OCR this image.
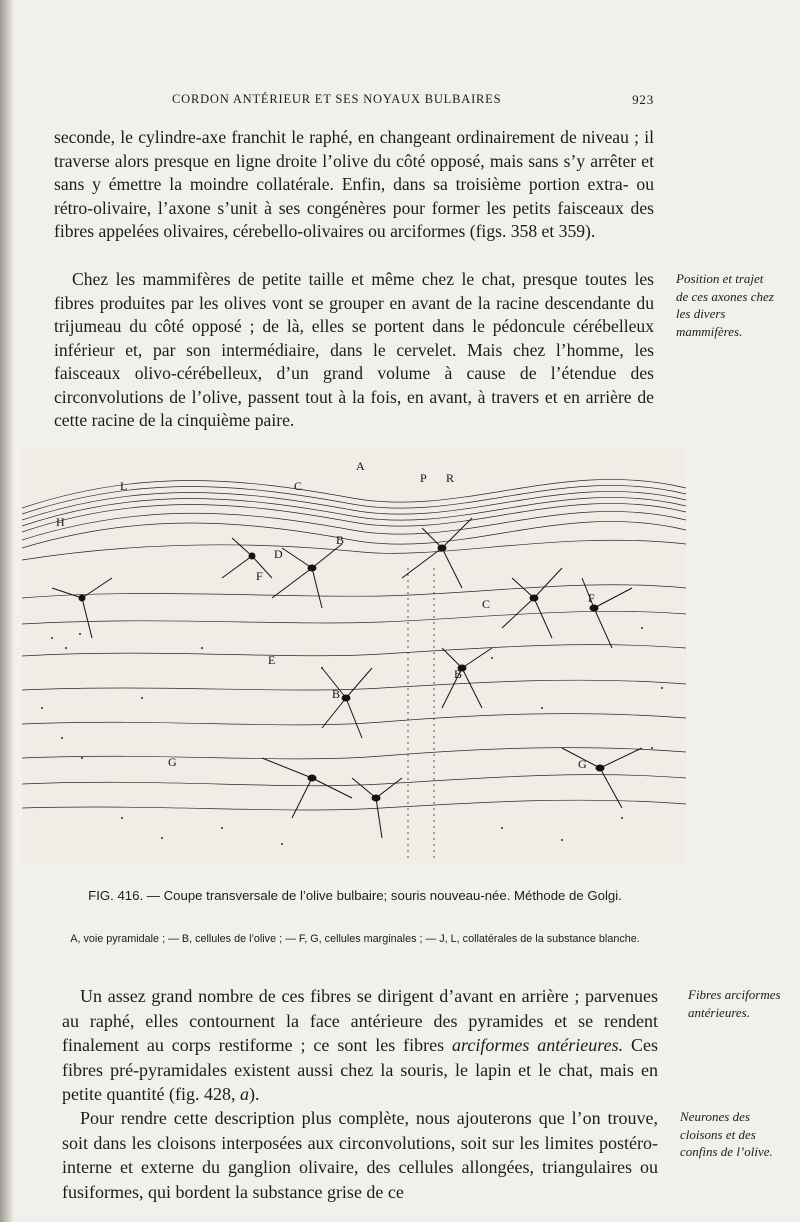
CORDON ANTÉRIEUR ET SES NOYAUX BULBAIRES	923

seconde, le cylindre-axe franchit le raphé, en changeant ordinairement de niveau ; il traverse alors presque en ligne droite l’olive du côté opposé, mais sans s’y arrêter et sans y émettre la moindre collatérale. Enfin, dans sa troisième portion extra- ou rétro-olivaire, l’axone s’unit à ses congénères pour former les petits faisceaux des fibres appelées olivaires, cérebello-olivaires ou arciformes (figs. 358 et 359).

Chez les mammifères de petite taille et même chez le chat, presque toutes les fibres produites par les olives vont se grouper en avant de la racine descendante du trijumeau du côté opposé ; de là, elles se portent dans le pédoncule cérébelleux inférieur et, par son intermédiaire, dans le cervelet. Mais chez l’homme, les faisceaux olivo-cérébelleux, d’un grand volume à cause de l’étendue des circonvolutions de l’olive, passent tout à la fois, en avant, à travers et en arrière de cette racine de la cinquième paire.

Position et trajet de ces axones chez les divers mammifères.
A
P R
L
H
C
D
B
F
C	F
E
B
B
G	G
FIG. 416. — Coupe transversale de l’olive bulbaire; souris nouveau-née. Méthode de Golgi.
A, voie pyramidale ; — B, cellules de l’olive ; — F, G, cellules marginales ; — J, L, collatérales de la substance blanche.

Un assez grand nombre de ces fibres se dirigent d’avant en arrière ; parvenues au raphé, elles contournent la face antérieure des pyramides et se rendent finalement au corps restiforme ; ce sont les fibres arciformes antérieures. Ces fibres pré-pyramidales existent aussi chez la souris, le lapin et le chat, mais en petite quantité (fig. 428, a).

Fibres arciformes antérieures.

Pour rendre cette description plus complète, nous ajouterons que l’on trouve, soit dans les cloisons interposées aux circonvolutions, soit sur les limites postéro-interne et externe du ganglion olivaire, des cellules allongées, triangulaires ou fusiformes, qui bordent la substance grise de ce

Neurones des cloisons et des confins de l’olive.
